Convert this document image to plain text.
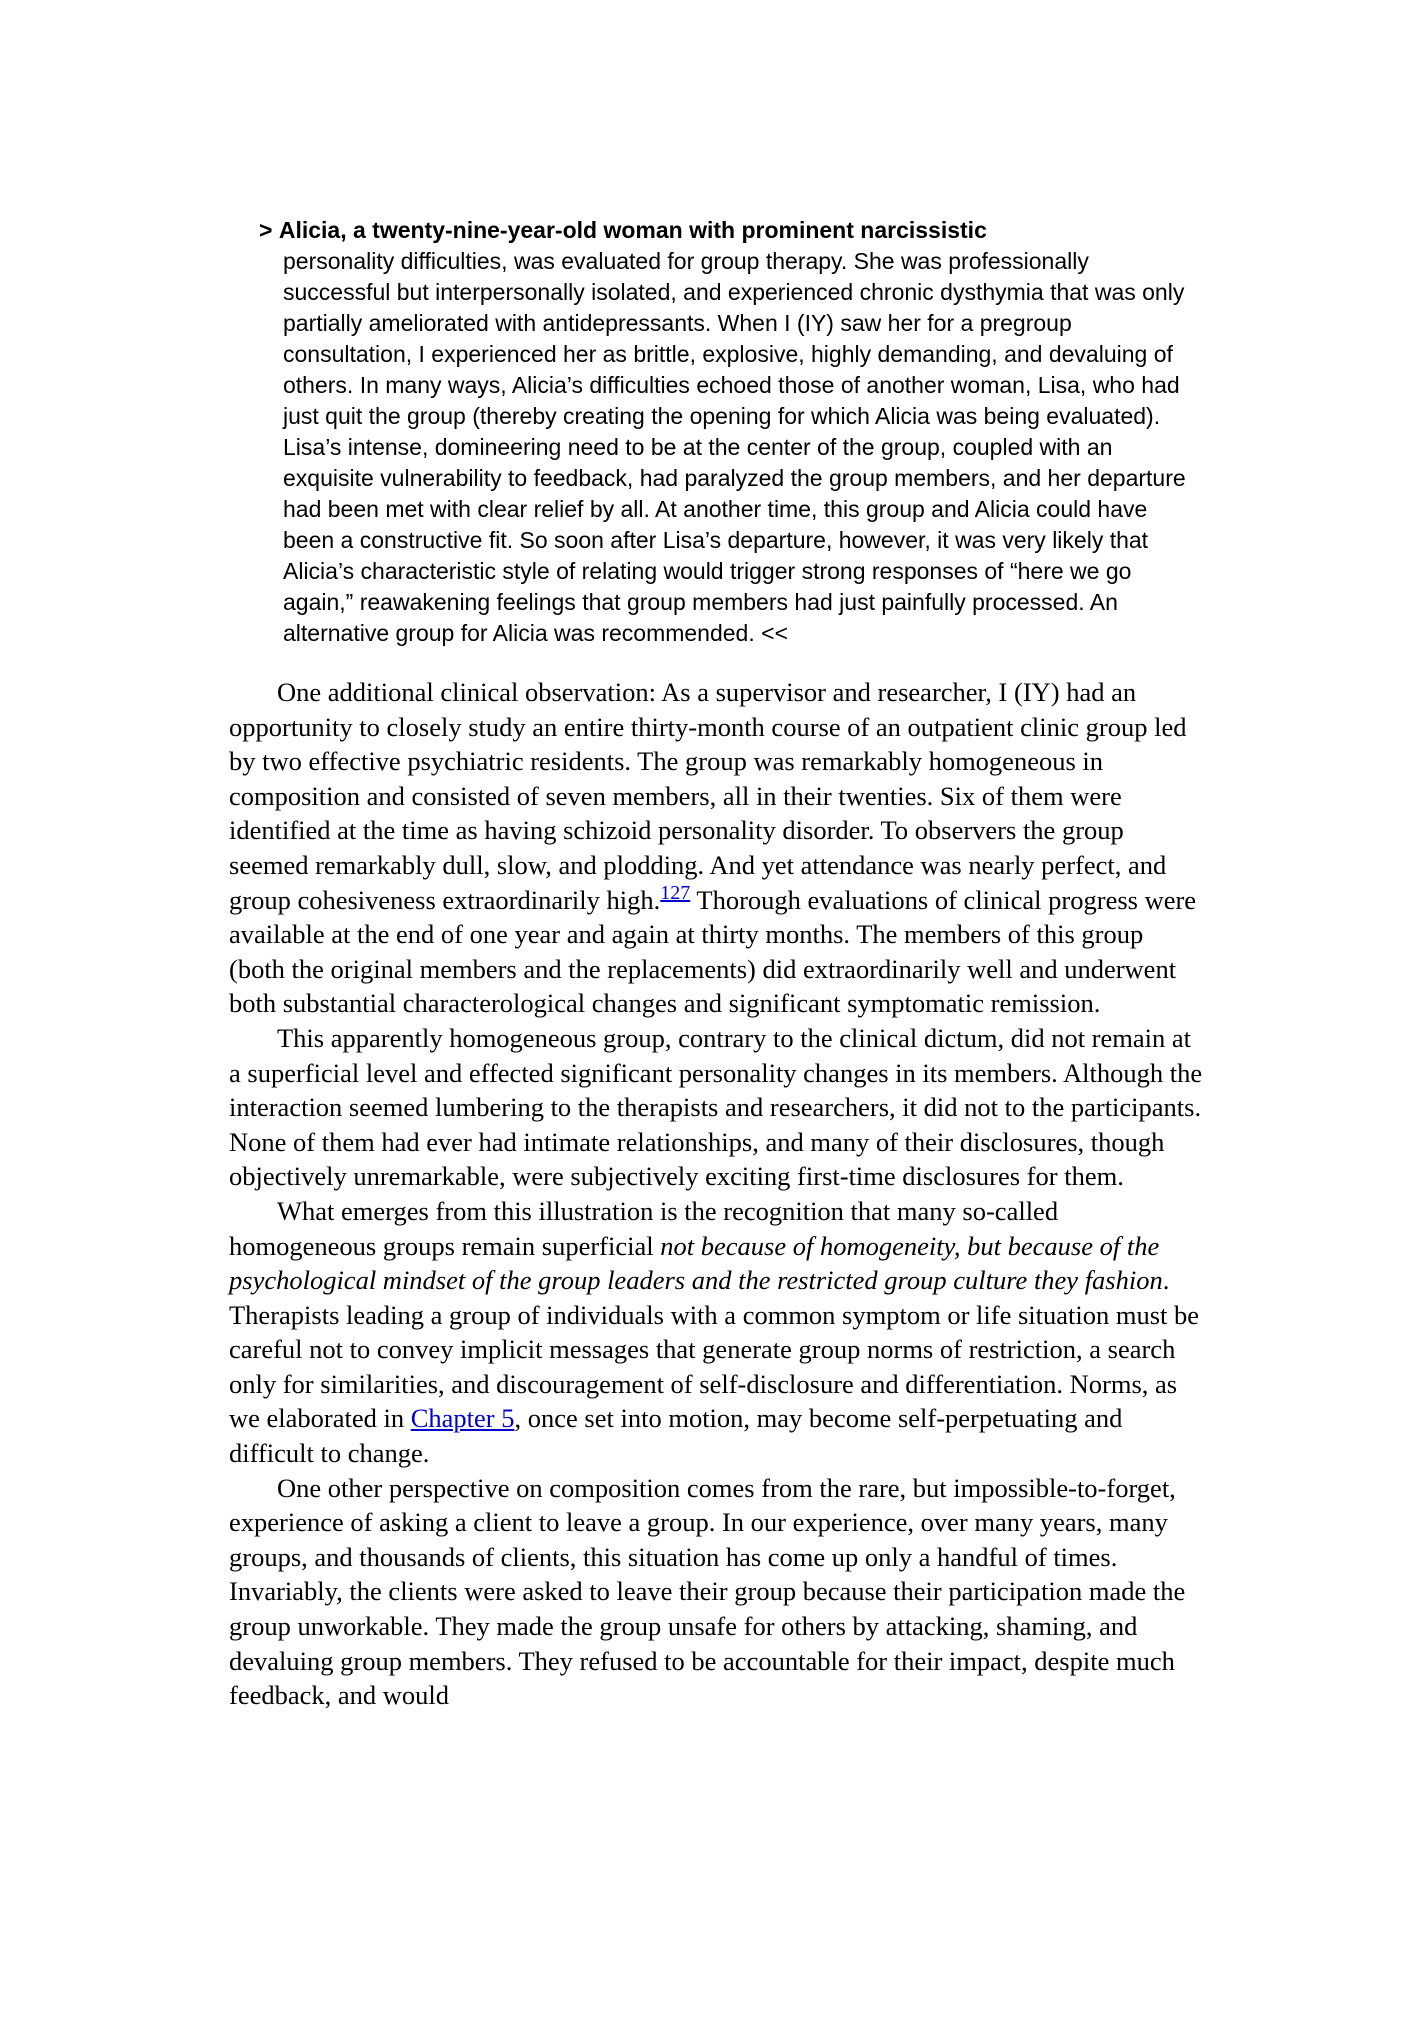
> Alicia, a twenty-nine-year-old woman with prominent narcissistic
personality difficulties, was evaluated for group therapy. She was professionally successful but interpersonally isolated, and experienced chronic dysthymia that was only partially ameliorated with antidepressants. When I (IY) saw her for a pregroup consultation, I experienced her as brittle, explosive, highly demanding, and devaluing of others. In many ways, Alicia’s difficulties echoed those of another woman, Lisa, who had just quit the group (thereby creating the opening for which Alicia was being evaluated). Lisa’s intense, domineering need to be at the center of the group, coupled with an exquisite vulnerability to feedback, had paralyzed the group members, and her departure had been met with clear relief by all. At another time, this group and Alicia could have been a constructive fit. So soon after Lisa’s departure, however, it was very likely that Alicia’s characteristic style of relating would trigger strong responses of “here we go again,” reawakening feelings that group members had just painfully processed. An alternative group for Alicia was recommended. <<

One additional clinical observation: As a supervisor and researcher, I (IY) had an opportunity to closely study an entire thirty-month course of an outpatient clinic group led by two effective psychiatric residents. The group was remarkably homogeneous in composition and consisted of seven members, all in their twenties. Six of them were identified at the time as having schizoid personality disorder. To observers the group seemed remarkably dull, slow, and plodding. And yet attendance was nearly perfect, and group cohesiveness extraordinarily high.$^{127}$ Thorough evaluations of clinical progress were available at the end of one year and again at thirty months. The members of this group (both the original members and the replacements) did extraordinarily well and underwent both substantial characterological changes and significant symptomatic remission.

This apparently homogeneous group, contrary to the clinical dictum, did not remain at a superficial level and effected significant personality changes in its members. Although the interaction seemed lumbering to the therapists and researchers, it did not to the participants. None of them had ever had intimate relationships, and many of their disclosures, though objectively unremarkable, were subjectively exciting first-time disclosures for them.

What emerges from this illustration is the recognition that many so-called homogeneous groups remain superficial not because of homogeneity, but because of the psychological mindset of the group leaders and the restricted group culture they fashion. Therapists leading a group of individuals with a common symptom or life situation must be careful not to convey implicit messages that generate group norms of restriction, a search only for similarities, and discouragement of self-disclosure and differentiation. Norms, as we elaborated in Chapter 5, once set into motion, may become self-perpetuating and difficult to change.

One other perspective on composition comes from the rare, but impossible-to-forget, experience of asking a client to leave a group. In our experience, over many years, many groups, and thousands of clients, this situation has come up only a handful of times. Invariably, the clients were asked to leave their group because their participation made the group unworkable. They made the group unsafe for others by attacking, shaming, and devaluing group members. They refused to be accountable for their impact, despite much feedback, and would
